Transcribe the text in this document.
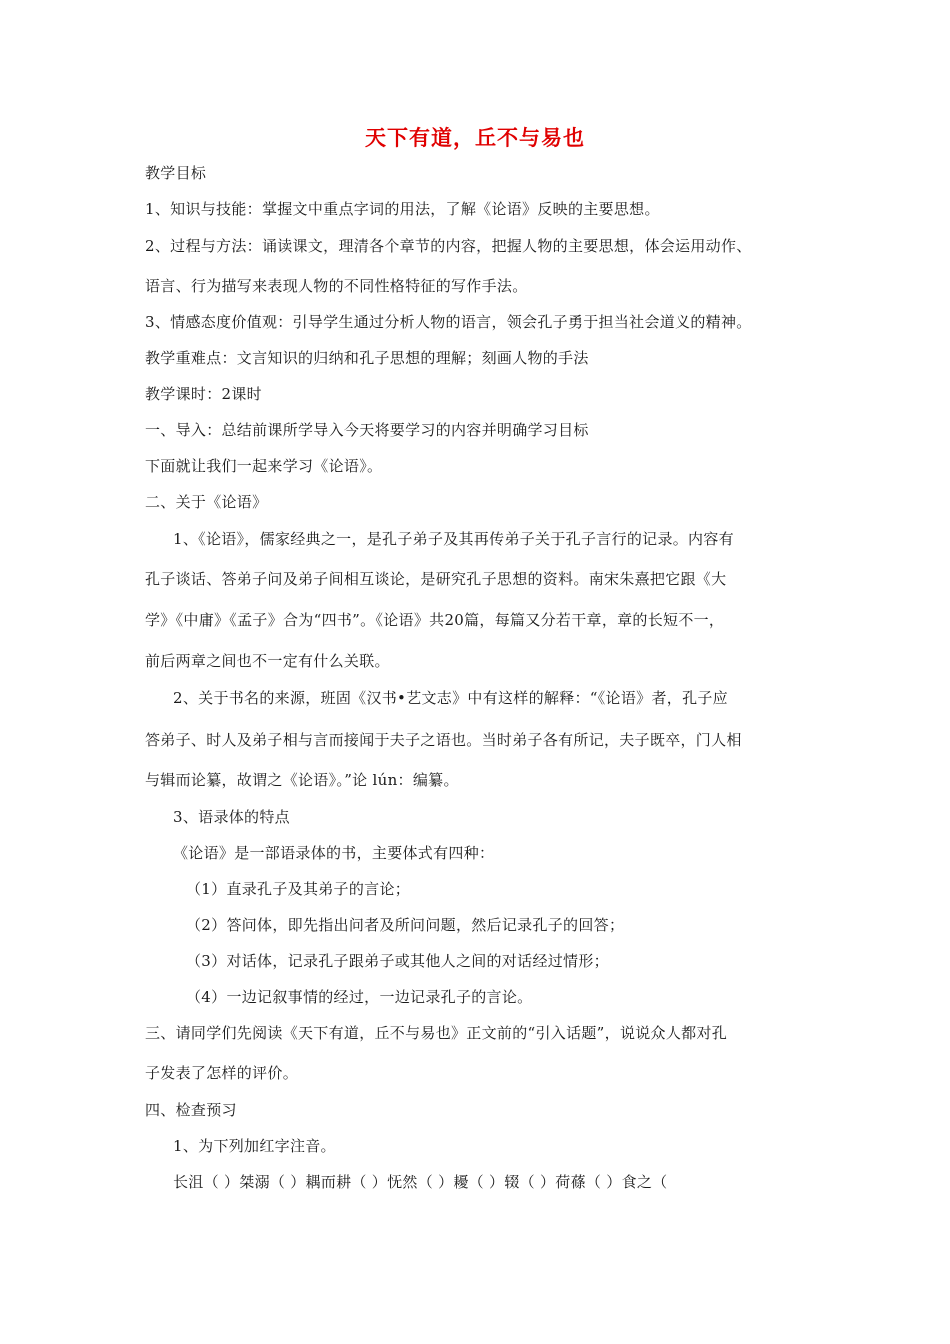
天下有道，丘不与易也
教学目标
1、知识与技能：掌握文中重点字词的用法，了解《论语》反映的主要思想。
2、过程与方法：诵读课文，理清各个章节的内容，把握人物的主要思想，体会运用动作、
语言、行为描写来表现人物的不同性格特征的写作手法。
3、情感态度价值观：引导学生通过分析人物的语言，领会孔子勇于担当社会道义的精神。
教学重难点：文言知识的归纳和孔子思想的理解；刻画人物的手法
教学课时：2课时
一、导入：总结前课所学导入今天将要学习的内容并明确学习目标
下面就让我们一起来学习《论语》。
二、关于《论语》
1、《论语》，儒家经典之一，是孔子弟子及其再传弟子关于孔子言行的记录。内容有
孔子谈话、答弟子问及弟子间相互谈论，是研究孔子思想的资料。南宋朱熹把它跟《大
学》《中庸》《孟子》合为“四书”。《论语》共20篇，每篇又分若干章，章的长短不一，
前后两章之间也不一定有什么关联。
2、关于书名的来源，班固《汉书•艺文志》中有这样的解释：“《论语》者，孔子应
答弟子、时人及弟子相与言而接闻于夫子之语也。当时弟子各有所记，夫子既卒，门人相
与辑而论纂，故谓之《论语》。”论 lún：编纂。
3、语录体的特点
《论语》是一部语录体的书，主要体式有四种：
（1）直录孔子及其弟子的言论；
（2）答问体，即先指出问者及所问问题，然后记录孔子的回答；
（3）对话体，记录孔子跟弟子或其他人之间的对话经过情形；
（4）一边记叙事情的经过，一边记录孔子的言论。
三、请同学们先阅读《天下有道，丘不与易也》正文前的“引入话题”，说说众人都对孔
子发表了怎样的评价。
四、检查预习
1、为下列加红字注音。
长沮（ ）桀溺（ ）耦而耕（ ）怃然（ ）耰（ ）辍（ ）荷蓧（ ）食之（
